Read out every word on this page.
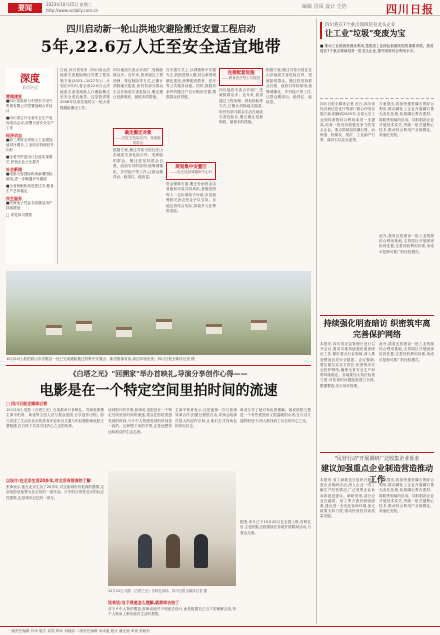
要闻	2023年10月25日 星期三
http://www.scdaily.com.cn
编辑 肖凤 设计 仝浩	四川日报
四川启动新一轮山洪地灾避险搬迁安置工程启动
5年,22.6万人迁至安全适宜地带
深度
看得更远
要闻速览
■四川省政府与中国东方电气集团有限公司签署战略合作协议
■四川省召开全省安全生产电视电话会议,部署当前安全生产工作
经济动态
■前三季度全省规上工业增加值同比增长,工业经济持续回升向好
■全省外贸进出口总值实现增长,民营企业占比提升
社会新闻
■成都天府国际机场新增国际航线,进一步畅通对外通道
■全省秋粮收获进度过半,粮食生产总体稳定
民生服务
■医保电子凭证全省激活用户持续增加
□ 详见四川观察
日前,四川省发布《四川省山洪地质灾害避险搬迁安置工程实施方案(2023—2027年)》,计划在5年内,将全省22.6万山洪地质灾害受威胁人口避险搬迁至安全适宜地带。这是我省继2008年以来实施的又一轮大规模避险搬迁工作。
四川地质灾害点多面广,受威胁群众多。近年来,我省通过工程治理、排危除险等方式,已累计消除地灾隐患,但仍有部分群众生活在地质灾害危险区,搬迁避让是最彻底、最根本的措施。
确定搬迁对象
——居住在危险区内、受威胁的群众
根据方案,搬迁对象为居住在山洪地质灾害危险区内、受威胁的群众。搬迁将坚持群众自愿、政府引导的原则,统筹城镇化、乡村振兴等工作,让群众搬得出、稳得住、能致富。
在安置方式上,以城镇集中安置为主,鼓励进城入镇,结合新型城镇化建设,统筹配套教育、医疗等公共服务设施。同时,鼓励有条件的搬迁户自行购房安置,增强群众获得感。
规划集中安置区
——优先选择城镇和中心村
资金保障方面,搬迁补助资金由省级和市县共同承担,省级按照每人一定标准给予补助,市县统筹相关涉农资金予以支持。各地还将结合实际,探索多元化筹资渠道。
完善配套设施
——教育医疗等公共服务
四川地质灾害点多面广,受威胁群众多。近年来,我省通过工程治理、排危除险等方式,已累计消除地灾隐患,但仍有部分群众生活在地质灾害危险区,搬迁避让是最彻底、最根本的措施。
根据方案,搬迁对象为居住在山洪地质灾害危险区内、受威胁的群众。搬迁将坚持群众自愿、政府引导的原则,统筹城镇化、乡村振兴等工作,让群众搬得出、稳得住、能致富。
10月24日,航拍眉山市洪雅县一处已完成避险搬迁的集中安置点。新居错落有致,周边环境优美。四川日报全媒体记者 摄
《白塔之光》"回溯家"举办首映礼,导演分享创作心得——
电影是在一个特定空间里拍时间的流速
□ 四川日报全媒体记者
10月24日,电影《白塔之光》在成都举行首映礼。导演张律携主演辛柏青、黄尧等主创人员与观众见面,分享创作历程。影片讲述了生活在北京的美食评论家谷文通与年轻摄影师欧阳文慧相遇,在白塔下共同寻找内心之光的故事。
以设计:在北京生活20多年,对北京有很深的了解
张律表示,他在北京生活了20多年,对这座城市有很深的感情,这部电影是他想为北京拍的一部作品。片中的白塔是北京的标志性建筑,也是城市记忆的一部分。
谈到影片的节奏,张律说,电影是在一个特定空间里拍时间的流速,观众在影院里感受到的时间,与片中人物感受到的时间是一致的。这种慢下来的节奏,正是他想传达给观众的生活态度。
主演辛柏青表示,这是他第一次与张律导演合作,拍摄过程很自由,导演会给演员很大的创作空间,让他们去寻找角色的真实状态。
10月24日,电影《白塔之光》首映礼现场。四川日报全媒体记者 摄
谈来谈:当下我是怎么理解,就那样去拍了
对于片中人物的塑造,张律说他并不刻意去设计,而是根据自己当下的理解去拍,每个人物身上都有他对生活的观察。
黄尧分享了她对角色的理解。她说欧阳文慧是一个有些孤独但又很温暖的女孩,在与谷文通的相处中,两人都找到了各自的内心之光。
据悉,该片已于10月20日在全国上映,首映礼后,主创团队还将继续在各地开展路演活动,与观众交流。
四川将在7个重点领域培育龙头企业
让工业"垃圾"变废为宝
■ 推动工业固废资源化利用,是推进工业绿色低碳发展的重要举措。我省将在7个重点领域培育一批龙头企业,提升固废综合利用水平。
四川日报全媒体记者 近日,四川省经济和信息化厅等部门联合印发实施方案,明确到2025年,全省大宗工业固体废物综合利用率进一步提高,培育一批具有较强竞争力的龙头企业。重点领域包括磷石膏、冶炼渣、粉煤灰、尾矿、工业副产石膏、煤矸石以及赤泥等。
方案提出,将加快推进磷石膏综合利用,推动磷化工企业开展磷石膏无害化处理,拓展磷石膏在建材、筑路等领域的应用。同时鼓励企业开展技术攻关,突破一批关键核心技术,推动综合利用产业规模化、高值化发展。
此外,我省还将建设一批工业资源综合利用基地,支持园区开展固废协同处置,完善回收利用体系,形成可复制可推广的经验模式。
持续强化明查暗访 织密筑牢离完善保护网络
本报讯 四川省应急管理厅近日召开会议,要求各地持续强化明查暗访工作,紧盯重点行业领域,深入排查整治各类安全隐患。会议强调,要压紧压实各方责任,织密筑牢安全防护网络,确保全省安全生产形势持续稳定。各地要加大执法检查力度,对发现的问题隐患建立台账,限期整改,实行闭环管理。
此外,我省还将建设一批工业资源综合利用基地,支持园区开展固废协同处置,完善回收利用体系,形成可复制可推广的经验模式。
"民营行动"开展调研广泛收集企业诉求
建议加强重点企业制造营造推动工作
本报讯 省工商联近日组织开展民营企业调研活动,深入企业一线了解生产经营情况,广泛收集企业诉求和意见建议。调研发现,部分企业在融资、用工等方面仍面临困难,建议进一步优化营商环境,加大政策支持力度,推动民营经济高质量发展。
方案提出,将加快推进磷石膏综合利用,推动磷化工企业开展磷石膏无害化处理,拓展磷石膏在建材、筑路等领域的应用。同时鼓励企业开展技术攻关,突破一批关键核心技术,推动综合利用产业规模化、高值化发展。
一版责任编辑 肖凤 版式 祁国 审读 刘晓丽 二版责任编辑 宋成毅 版式 蒲光福 审读 张晓东
